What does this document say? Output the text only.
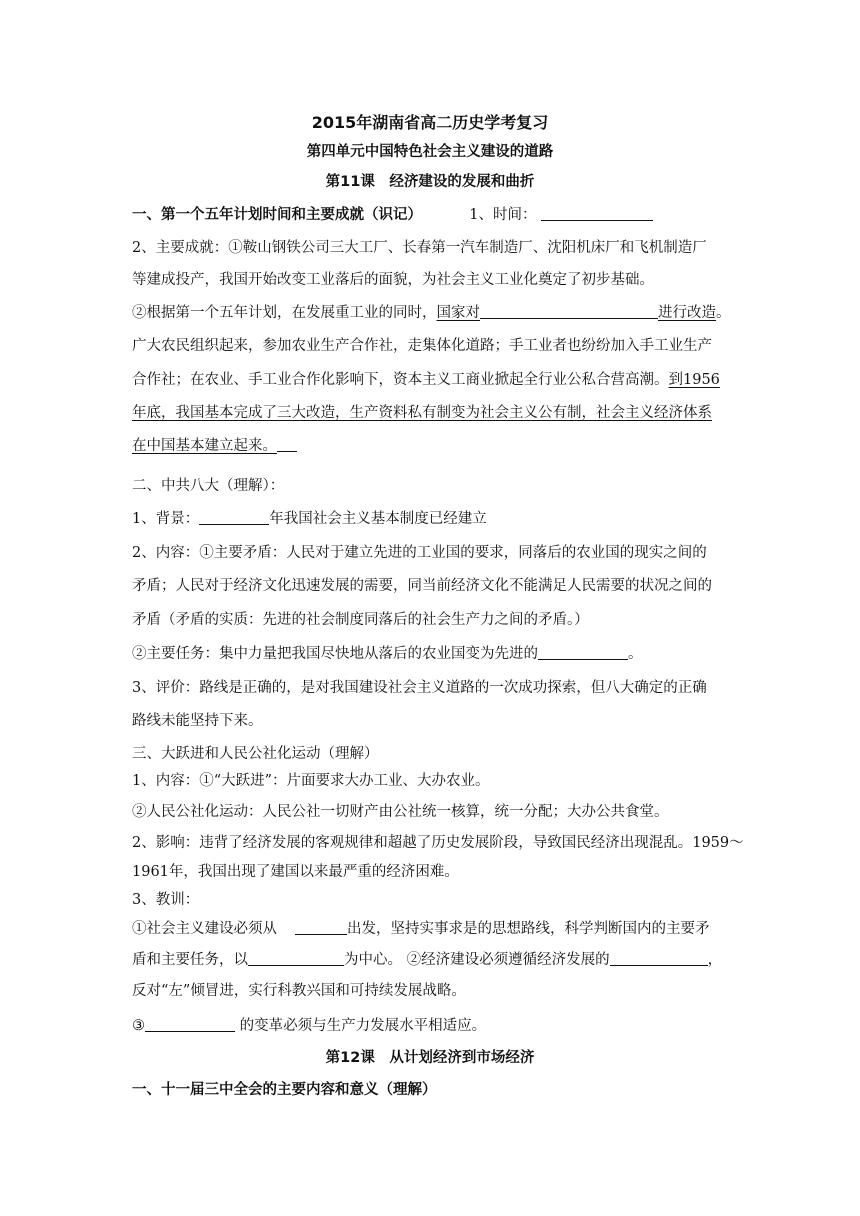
2015年湖南省高二历史学考复习
第四单元中国特色社会主义建设的道路
第11课　经济建设的发展和曲折
一、第一个五年计划时间和主要成就（识记）	1、时间：
2、主要成就：①鞍山钢铁公司三大工厂、长春第一汽车制造厂、沈阳机床厂和飞机制造厂
等建成投产，我国开始改变工业落后的面貌，为社会主义工业化奠定了初步基础。
②根据第一个五年计划，在发展重工业的同时，国家对	进行改造。
广大农民组织起来，参加农业生产合作社，走集体化道路；手工业者也纷纷加入手工业生产
合作社；在农业、手工业合作化影响下，资本主义工商业掀起全行业公私合营高潮。到1956
年底，我国基本完成了三大改造，生产资料私有制变为社会主义公有制，社会主义经济体系
在中国基本建立起来。
二、中共八大（理解）：
1、背景：	年我国社会主义基本制度已经建立
2、内容：①主要矛盾：人民对于建立先进的工业国的要求，同落后的农业国的现实之间的
矛盾；人民对于经济文化迅速发展的需要，同当前经济文化不能满足人民需要的状况之间的
矛盾（矛盾的实质：先进的社会制度同落后的社会生产力之间的矛盾。）
②主要任务：集中力量把我国尽快地从落后的农业国变为先进的	。
3、评价：路线是正确的，是对我国建设社会主义道路的一次成功探索，但八大确定的正确
路线未能坚持下来。
三、大跃进和人民公社化运动（理解）
1、内容：①“大跃进”：片面要求大办工业、大办农业。
②人民公社化运动：人民公社一切财产由公社统一核算，统一分配；大办公共食堂。
2、影响：违背了经济发展的客观规律和超越了历史发展阶段，导致国民经济出现混乱。1959～
1961年，我国出现了建国以来最严重的经济困难。
3、教训：
①社会主义建设必须从	出发，坚持实事求是的思想路线，科学判断国内的主要矛
盾和主要任务，以	为中心。 ②经济建设必须遵循经济发展的	，
反对“左”倾冒进，实行科教兴国和可持续发展战略。
③	的变革必须与生产力发展水平相适应。
第12课　从计划经济到市场经济
一、十一届三中全会的主要内容和意义（理解）
